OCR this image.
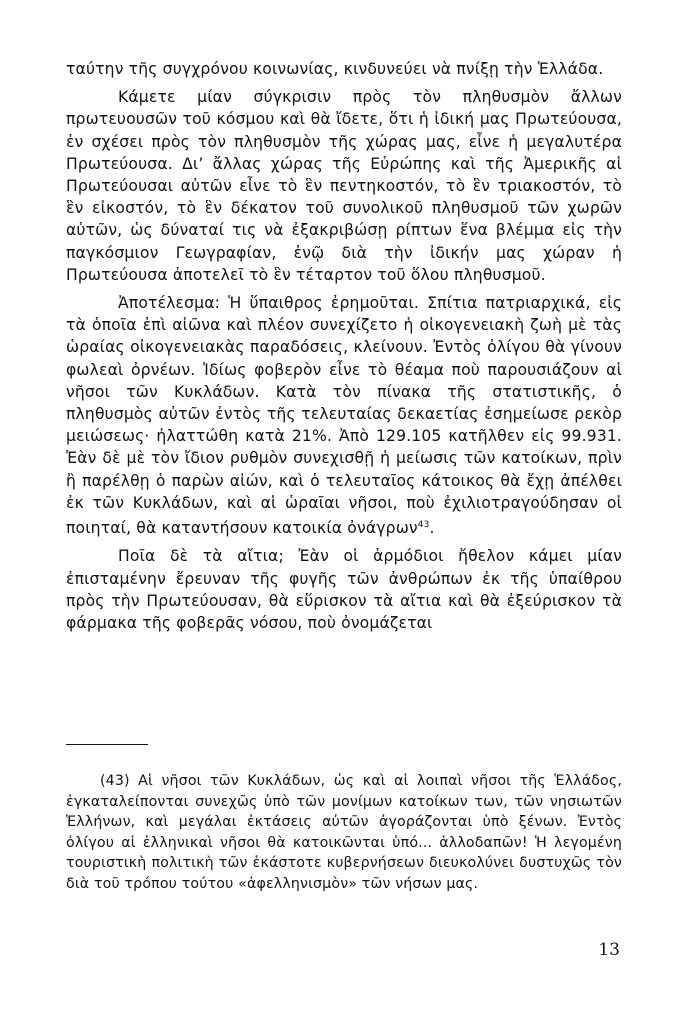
ταύτην τῆς συγχρόνου κοινωνίας, κινδυνεύει νὰ πνίξῃ τὴν Ἑλλάδα.

Κάμετε μίαν σύγκρισιν πρὸς τὸν πληθυσμὸν ἄλλων πρωτευουσῶν τοῦ κόσμου καὶ θὰ ἴδετε, ὅτι ἡ ἰδική μας Πρωτεύουσα, ἐν σχέσει πρὸς τὸν πληθυσμὸν τῆς χώρας μας, εἶνε ἡ μεγαλυτέρα Πρωτεύουσα. Δι’ ἄλλας χώρας τῆς Εὐρώπης καὶ τῆς Ἀμερικῆς αἱ Πρωτεύουσαι αὐτῶν εἶνε τὸ ἓν πεντηκοστόν, τὸ ἓν τριακοστόν, τὸ ἓν εἰκοστόν, τὸ ἓν δέκατον τοῦ συνολικοῦ πληθυσμοῦ τῶν χωρῶν αὐτῶν, ὡς δύναταί τις νὰ ἐξακριβώσῃ ρίπτων ἕνα βλέμμα εἰς τὴν παγκόσμιον Γεωγραφίαν, ἐνῷ διὰ τὴν ἰδικήν μας χώραν ἡ Πρωτεύουσα ἀποτελεῖ τὸ ἓν τέταρτον τοῦ ὅλου πληθυσμοῦ.

Ἀποτέλεσμα: Ἡ ὕπαιθρος ἐρημοῦται. Σπίτια πατριαρχικά, εἰς τὰ ὁποῖα ἐπὶ αἰῶνα καὶ πλέον συνεχίζετο ἡ οἰκογενειακὴ ζωὴ μὲ τὰς ὡραίας οἰκογενειακὰς παραδόσεις, κλείνουν. Ἐντὸς ὀλίγου θὰ γίνουν φωλεαὶ ὀρνέων. Ἰδίως φοβερὸν εἶνε τὸ θέαμα ποὺ παρουσιάζουν αἱ νῆσοι τῶν Κυκλάδων. Κατὰ τὸν πίνακα τῆς στατιστικῆς, ὁ πληθυσμὸς αὐτῶν ἐντὸς τῆς τελευταίας δεκαετίας ἐσημείωσε ρεκὸρ μειώσεως· ἠλαττώθη κατὰ 21%. Ἀπὸ 129.105 κατῆλθεν εἰς 99.931. Ἐὰν δὲ μὲ τὸν ἴδιον ρυθμὸν συνεχισθῇ ἡ μείωσις τῶν κατοίκων, πρὶν ἢ παρέλθῃ ὁ παρὼν αἰών, καὶ ὁ τελευταῖος κάτοικος θὰ ἔχῃ ἀπέλθει ἐκ τῶν Κυκλάδων, καὶ αἱ ὡραῖαι νῆσοι, ποὺ ἐχιλιοτραγούδησαν οἱ ποιηταί, θὰ καταντήσουν κατοικία ὀνάγρων$^{43}$.

Ποῖα δὲ τὰ αἴτια; Ἐὰν οἱ ἁρμόδιοι ἤθελον κάμει μίαν ἐπισταμένην ἔρευναν τῆς φυγῆς τῶν ἀνθρώπων ἐκ τῆς ὑπαίθρου πρὸς τὴν Πρωτεύουσαν, θὰ εὕρισκον τὰ αἴτια καὶ θὰ ἐξεύρισκον τὰ φάρμακα τῆς φοβερᾶς νόσου, ποὺ ὀνομάζεται

(43) Αἱ νῆσοι τῶν Κυκλάδων, ὡς καὶ αἱ λοιπαὶ νῆσοι τῆς Ἑλλάδος, ἐγκαταλείπονται συνεχῶς ὑπὸ τῶν μονίμων κατοίκων των, τῶν νησιωτῶν Ἑλλήνων, καὶ μεγάλαι ἐκτάσεις αὐτῶν ἀγοράζονται ὑπὸ ξένων. Ἐντὸς ὀλίγου αἱ ἑλληνικαὶ νῆσοι θὰ κατοικῶνται ὑπό... ἀλλοδαπῶν! Ἡ λεγομένη τουριστικὴ πολιτικὴ τῶν ἑκάστοτε κυβερνήσεων διευκολύνει δυστυχῶς τὸν διὰ τοῦ τρόπου τούτου «ἀφελληνισμὸν» τῶν νήσων μας.

13
